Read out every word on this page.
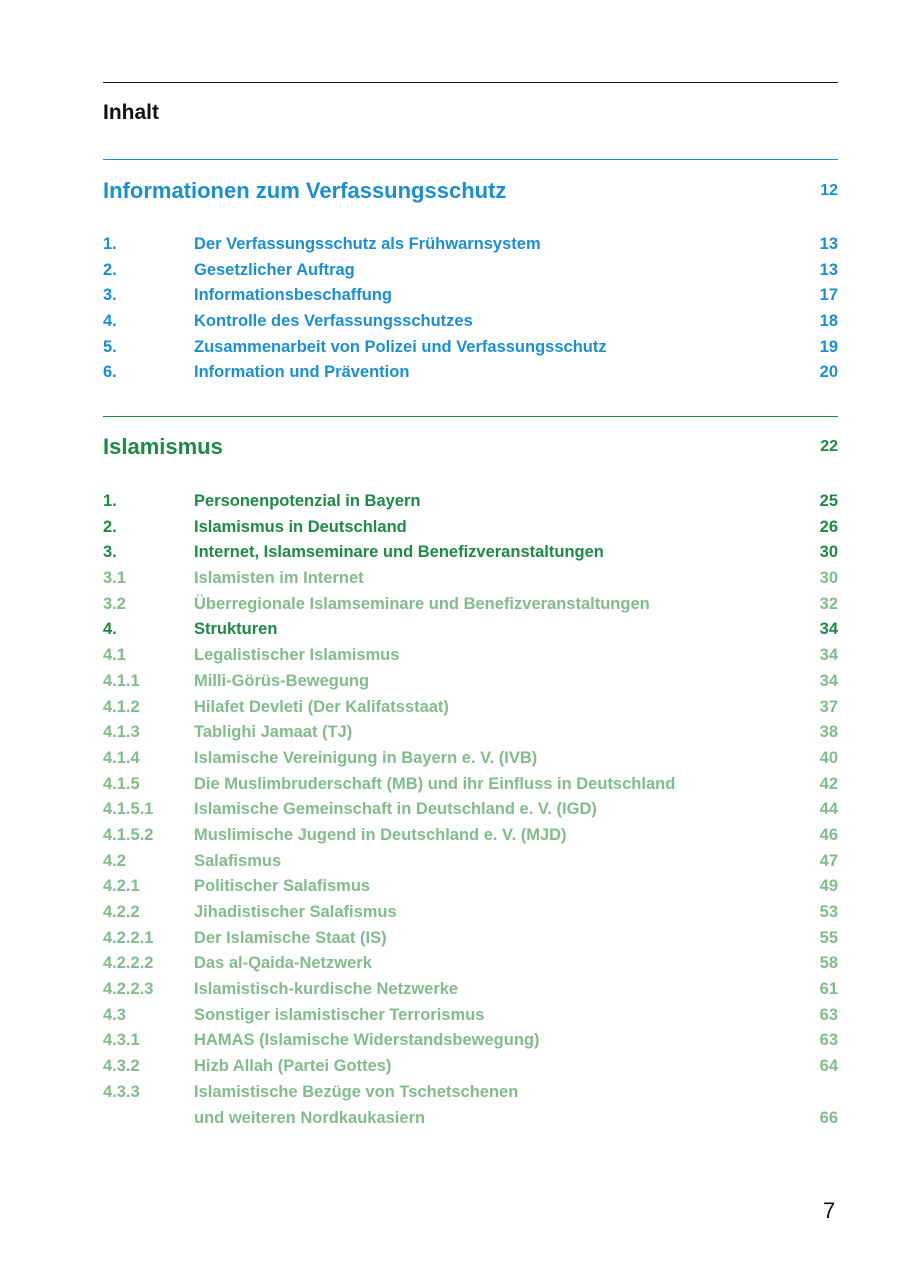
Inhalt
Informationen zum Verfassungsschutz	12
1.	Der Verfassungsschutz als Frühwarnsystem	13
2.	Gesetzlicher Auftrag	13
3.	Informationsbeschaffung	17
4.	Kontrolle des Verfassungsschutzes	18
5.	Zusammenarbeit von Polizei und Verfassungsschutz	19
6.	Information und Prävention	20
Islamismus	22
1.	Personenpotenzial in Bayern	25
2.	Islamismus in Deutschland	26
3.	Internet, Islamseminare und Benefizveranstaltungen	30
3.1	Islamisten im Internet	30
3.2	Überregionale Islamseminare und Benefizveranstaltungen	32
4.	Strukturen	34
4.1	Legalistischer Islamismus	34
4.1.1	Milli-Görüs-Bewegung	34
4.1.2	Hilafet Devleti (Der Kalifatsstaat)	37
4.1.3	Tablighi Jamaat (TJ)	38
4.1.4	Islamische Vereinigung in Bayern e. V. (IVB)	40
4.1.5	Die Muslimbruderschaft (MB) und ihr Einfluss in Deutschland	42
4.1.5.1 Islamische Gemeinschaft in Deutschland e. V. (IGD)	44
4.1.5.2 Muslimische Jugend in Deutschland e. V. (MJD)	46
4.2	Salafismus	47
4.2.1	Politischer Salafismus	49
4.2.2	Jihadistischer Salafismus	53
4.2.2.1 Der Islamische Staat (IS)	55
4.2.2.2 Das al-Qaida-Netzwerk	58
4.2.2.3 Islamistisch-kurdische Netzwerke	61
4.3	Sonstiger islamistischer Terrorismus	63
4.3.1	HAMAS (Islamische Widerstandsbewegung)	63
4.3.2	Hizb Allah (Partei Gottes)	64
4.3.3	Islamistische Bezüge von Tschetschenen
und weiteren Nordkaukasiern	66
7
